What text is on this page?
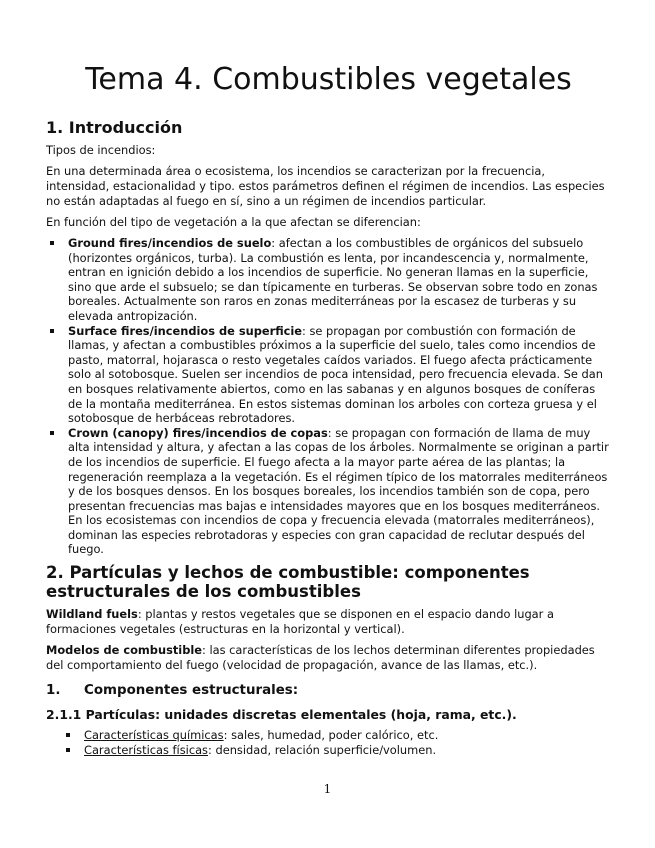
Tema 4. Combustibles vegetales
1. Introducción

Tipos de incendios:

En una determinada área o ecosistema, los incendios se caracterizan por la frecuencia, intensidad, estacionalidad y tipo. estos parámetros definen el régimen de incendios. Las especies no están adaptadas al fuego en sí, sino a un régimen de incendios particular.

En función del tipo de vegetación a la que afectan se diferencian:

Ground fires/incendios de suelo: afectan a los combustibles de orgánicos del subsuelo (horizontes orgánicos, turba). La combustión es lenta, por incandescencia y, normalmente, entran en ignición debido a los incendios de superficie. No generan llamas en la superficie, sino que arde el subsuelo; se dan típicamente en turberas. Se observan sobre todo en zonas boreales. Actualmente son raros en zonas mediterráneas por la escasez de turberas y su elevada antropización.
Surface fires/incendios de superficie: se propagan por combustión con formación de llamas, y afectan a combustibles próximos a la superficie del suelo, tales como incendios de pasto, matorral, hojarasca o resto vegetales caídos variados. El fuego afecta prácticamente solo al sotobosque. Suelen ser incendios de poca intensidad, pero frecuencia elevada. Se dan en bosques relativamente abiertos, como en las sabanas y en algunos bosques de coníferas de la montaña mediterránea. En estos sistemas dominan los arboles con corteza gruesa y el sotobosque de herbáceas rebrotadores.
Crown (canopy) fires/incendios de copas: se propagan con formación de llama de muy alta intensidad y altura, y afectan a las copas de los árboles. Normalmente se originan a partir de los incendios de superficie. El fuego afecta a la mayor parte aérea de las plantas; la regeneración reemplaza a la vegetación. Es el régimen típico de los matorrales mediterráneos y de los bosques densos. En los bosques boreales, los incendios también son de copa, pero presentan frecuencias mas bajas e intensidades mayores que en los bosques mediterráneos. En los ecosistemas con incendios de copa y frecuencia elevada (matorrales mediterráneos), dominan las especies rebrotadoras y especies con gran capacidad de reclutar después del fuego.
2. Partículas y lechos de combustible: componentes estructurales de los combustibles

Wildland fuels: plantas y restos vegetales que se disponen en el espacio dando lugar a formaciones vegetales (estructuras en la horizontal y vertical).

Modelos de combustible: las características de los lechos determinan diferentes propiedades del comportamiento del fuego (velocidad de propagación, avance de las llamas, etc.).

1. Componentes estructurales:
2.1.1 Partículas: unidades discretas elementales (hoja, rama, etc.).
Características químicas: sales, humedad, poder calórico, etc.
Características físicas: densidad, relación superficie/volumen.
1
